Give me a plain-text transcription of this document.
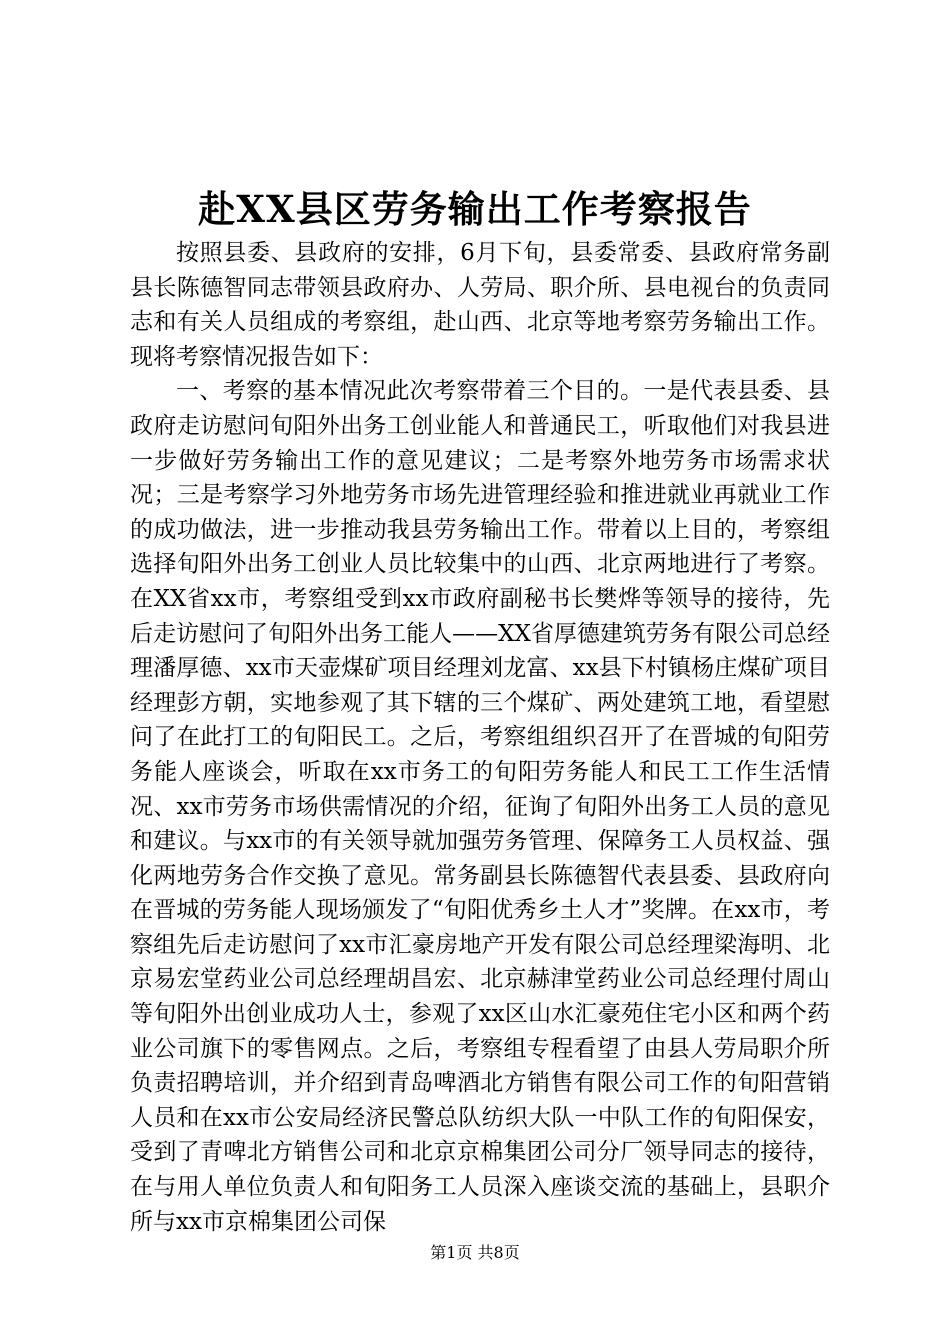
赴XX县区劳务输出工作考察报告

按照县委、县政府的安排，6月下旬，县委常委、县政府常务副县长陈德智同志带领县政府办、人劳局、职介所、县电视台的负责同志和有关人员组成的考察组，赴山西、北京等地考察劳务输出工作。现将考察情况报告如下：

一、考察的基本情况此次考察带着三个目的。一是代表县委、县政府走访慰问旬阳外出务工创业能人和普通民工，听取他们对我县进一步做好劳务输出工作的意见建议；二是考察外地劳务市场需求状况；三是考察学习外地劳务市场先进管理经验和推进就业再就业工作的成功做法，进一步推动我县劳务输出工作。带着以上目的，考察组选择旬阳外出务工创业人员比较集中的山西、北京两地进行了考察。在XX省xx市，考察组受到xx市政府副秘书长樊烨等领导的接待，先后走访慰问了旬阳外出务工能人——XX省厚德建筑劳务有限公司总经理潘厚德、xx市天壶煤矿项目经理刘龙富、xx县下村镇杨庄煤矿项目经理彭方朝，实地参观了其下辖的三个煤矿、两处建筑工地，看望慰问了在此打工的旬阳民工。之后，考察组组织召开了在晋城的旬阳劳务能人座谈会，听取在xx市务工的旬阳劳务能人和民工工作生活情况、xx市劳务市场供需情况的介绍，征询了旬阳外出务工人员的意见和建议。与xx市的有关领导就加强劳务管理、保障务工人员权益、强化两地劳务合作交换了意见。常务副县长陈德智代表县委、县政府向在晋城的劳务能人现场颁发了“旬阳优秀乡土人才”奖牌。在xx市，考察组先后走访慰问了xx市汇豪房地产开发有限公司总经理梁海明、北京易宏堂药业公司总经理胡昌宏、北京赫津堂药业公司总经理付周山等旬阳外出创业成功人士，参观了xx区山水汇豪苑住宅小区和两个药业公司旗下的零售网点。之后，考察组专程看望了由县人劳局职介所负责招聘培训，并介绍到青岛啤酒北方销售有限公司工作的旬阳营销人员和在xx市公安局经济民警总队纺织大队一中队工作的旬阳保安，受到了青啤北方销售公司和北京京棉集团公司分厂领导同志的接待，在与用人单位负责人和旬阳务工人员深入座谈交流的基础上，县职介所与xx市京棉集团公司保

第1页 共8页
